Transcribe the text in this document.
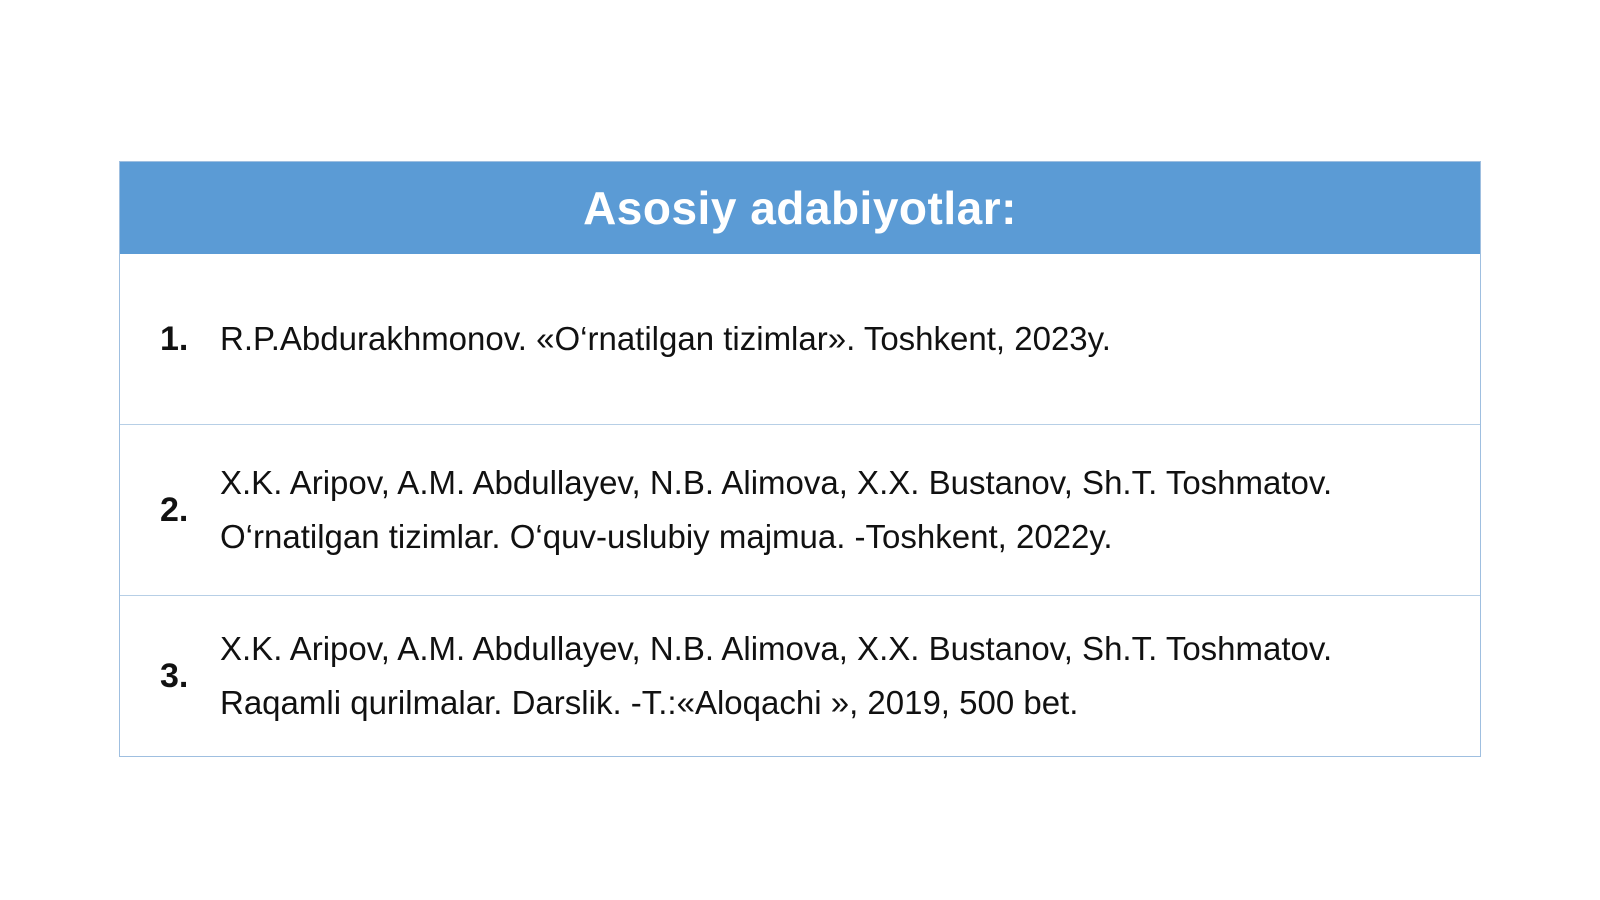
Asosiy adabiyotlar:
1. R.P.Abdurakhmonov. «O‘rnatilgan tizimlar». Toshkent, 2023y.
2.
X.K. Aripov, A.M. Abdullayev, N.B. Alimova, X.X. Bustanov, Sh.T. Toshmatov.
O‘rnatilgan tizimlar. O‘quv-uslubiy majmua. -Toshkent, 2022y.
3.
X.K. Aripov, A.M. Abdullayev, N.B. Alimova, X.X. Bustanov, Sh.T. Toshmatov.
Raqamli qurilmalar. Darslik. -T.:«Aloqachi », 2019, 500 bet.
